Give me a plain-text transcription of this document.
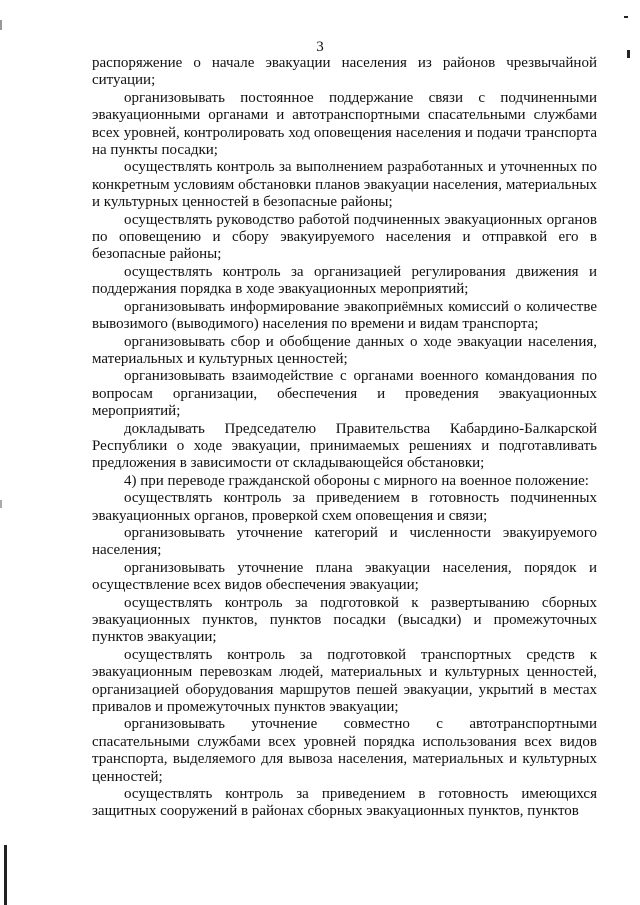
3

распоряжение о начале эвакуации населения из районов чрезвычайной ситуации;

организовывать постоянное поддержание связи с подчиненными эвакуационными органами и автотранспортными спасательными службами всех уровней, контролировать ход оповещения населения и подачи транспорта на пункты посадки;

осуществлять контроль за выполнением разработанных и уточненных по конкретным условиям обстановки планов эвакуации населения, материальных и культурных ценностей в безопасные районы;

осуществлять руководство работой подчиненных эвакуационных органов по оповещению и сбору эвакуируемого населения и отправкой его в безопасные районы;

осуществлять контроль за организацией регулирования движения и поддержания порядка в ходе эвакуационных мероприятий;

организовывать информирование эвакоприёмных комиссий о количестве вывозимого (выводимого) населения по времени и видам транспорта;

организовывать сбор и обобщение данных о ходе эвакуации населения, материальных и культурных ценностей;

организовывать взаимодействие с органами военного командования по вопросам организации, обеспечения и проведения эвакуационных мероприятий;

докладывать Председателю Правительства Кабардино-Балкарской Республики о ходе эвакуации, принимаемых решениях и подготавливать предложения в зависимости от складывающейся обстановки;

4) при переводе гражданской обороны с мирного на военное положение:

осуществлять контроль за приведением в готовность подчиненных эвакуационных органов, проверкой схем оповещения и связи;

организовывать уточнение категорий и численности эвакуируемого населения;

организовывать уточнение плана эвакуации населения, порядок и осуществление всех видов обеспечения эвакуации;

осуществлять контроль за подготовкой к развертыванию сборных эвакуационных пунктов, пунктов посадки (высадки) и промежуточных пунктов эвакуации;

осуществлять контроль за подготовкой транспортных средств к эвакуационным перевозкам людей, материальных и культурных ценностей, организацией оборудования маршрутов пешей эвакуации, укрытий в местах привалов и промежуточных пунктов эвакуации;

организовывать уточнение совместно с автотранспортными спасательными службами всех уровней порядка использования всех видов транспорта, выделяемого для вывоза населения, материальных и культурных ценностей;

осуществлять контроль за приведением в готовность имеющихся защитных сооружений в районах сборных эвакуационных пунктов, пунктов
